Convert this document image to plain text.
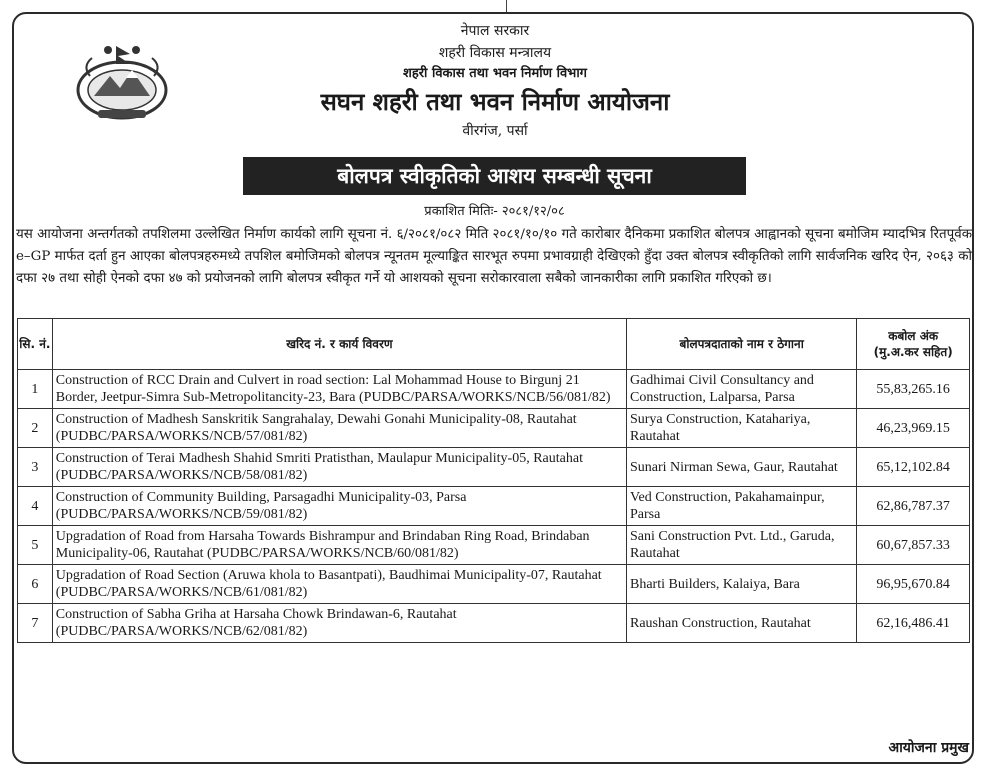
नेपाल सरकार
शहरी विकास मन्त्रालय
शहरी विकास तथा भवन निर्माण विभाग
सघन शहरी तथा भवन निर्माण आयोजना
वीरगंज, पर्सा
बोलपत्र स्वीकृतिको आशय सम्बन्धी सूचना
प्रकाशित मितिः- २०८१/१२/०८
यस आयोजना अन्तर्गतको तपशिलमा उल्लेखित निर्माण कार्यको लागि सूचना नं. ६/२०८१/०८२ मिति २०८१/१०/१० गते कारोबार दैनिकमा प्रकाशित बोलपत्र आह्वानको सूचना बमोजिम म्यादभित्र रितपूर्वक e–GP मार्फत दर्ता हुन आएका बोलपत्रहरुमध्ये तपशिल बमोजिमको बोलपत्र न्यूनतम मूल्याङ्कित सारभूत रुपमा प्रभावग्राही देखिएको हुँदा उक्त बोलपत्र स्वीकृतिको लागि सार्वजनिक खरिद ऐन, २०६३ को दफा २७ तथा सोही ऐनको दफा ४७ को प्रयोजनको लागि बोलपत्र स्वीकृत गर्ने यो आशयको सूचना सरोकारवाला सबैको जानकारीका लागि प्रकाशित गरिएको छ।
सि. नं.	खरिद नं. र कार्य विवरण	बोलपत्रदाताको नाम र ठेगाना	कबोल अंक
(मु.अ.कर सहित)

1	Construction of RCC Drain and Culvert in road section: Lal Mohammad House to Birgunj 21 Border, Jeetpur-Simra Sub-Metropolitancity-23, Bara (PUDBC/PARSA/WORKS/NCB/56/081/82)	Gadhimai Civil Consultancy and Construction, Lalparsa, Parsa	55,83,265.16
2	Construction of Madhesh Sanskritik Sangrahalay, Dewahi Gonahi Municipality-08, Rautahat (PUDBC/PARSA/WORKS/NCB/57/081/82)	Surya Construction, Katahariya, Rautahat	46,23,969.15
3	Construction of Terai Madhesh Shahid Smriti Pratisthan, Maulapur Municipality-05, Rautahat (PUDBC/PARSA/WORKS/NCB/58/081/82)	Sunari Nirman Sewa, Gaur, Rautahat	65,12,102.84
4	Construction of Community Building, Parsagadhi Municipality-03, Parsa (PUDBC/PARSA/WORKS/NCB/59/081/82)	Ved Construction, Pakahamainpur, Parsa	62,86,787.37
5	Upgradation of Road from Harsaha Towards Bishrampur and Brindaban Ring Road, Brindaban Municipality-06, Rautahat (PUDBC/PARSA/WORKS/NCB/60/081/82)	Sani Construction Pvt. Ltd., Garuda, Rautahat	60,67,857.33
6	Upgradation of Road Section (Aruwa khola to Basantpati), Baudhimai Municipality-07, Rautahat (PUDBC/PARSA/WORKS/NCB/61/081/82)	Bharti Builders, Kalaiya, Bara	96,95,670.84
7	Construction of Sabha Griha at Harsaha Chowk Brindawan-6, Rautahat (PUDBC/PARSA/WORKS/NCB/62/081/82)	Raushan Construction, Rautahat	62,16,486.41
आयोजना प्रमुख
